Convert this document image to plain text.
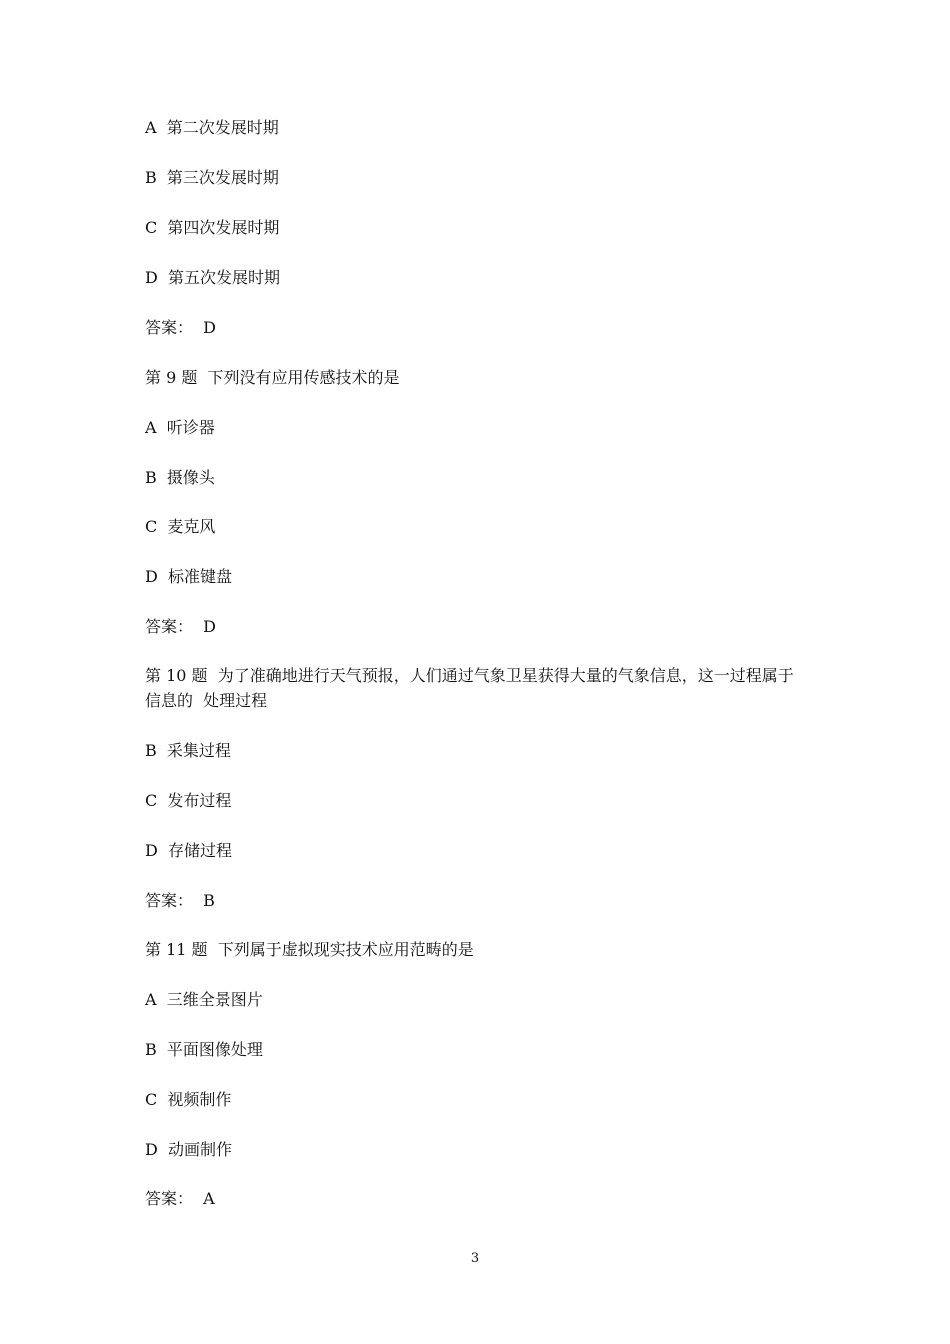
A  第二次发展时期
B  第三次发展时期
C  第四次发展时期
D  第五次发展时期
答案：  D
第 9 题  下列没有应用传感技术的是
A  听诊器
B  摄像头
C  麦克风
D  标准键盘
答案：  D
第 10 题  为了准确地进行天气预报，人们通过气象卫星获得大量的气象信息，这一过程属于
信息的  处理过程
B  采集过程
C  发布过程
D  存储过程
答案：  B
第 11 题  下列属于虚拟现实技术应用范畴的是
A  三维全景图片
B  平面图像处理
C  视频制作
D  动画制作
答案：  A
3
